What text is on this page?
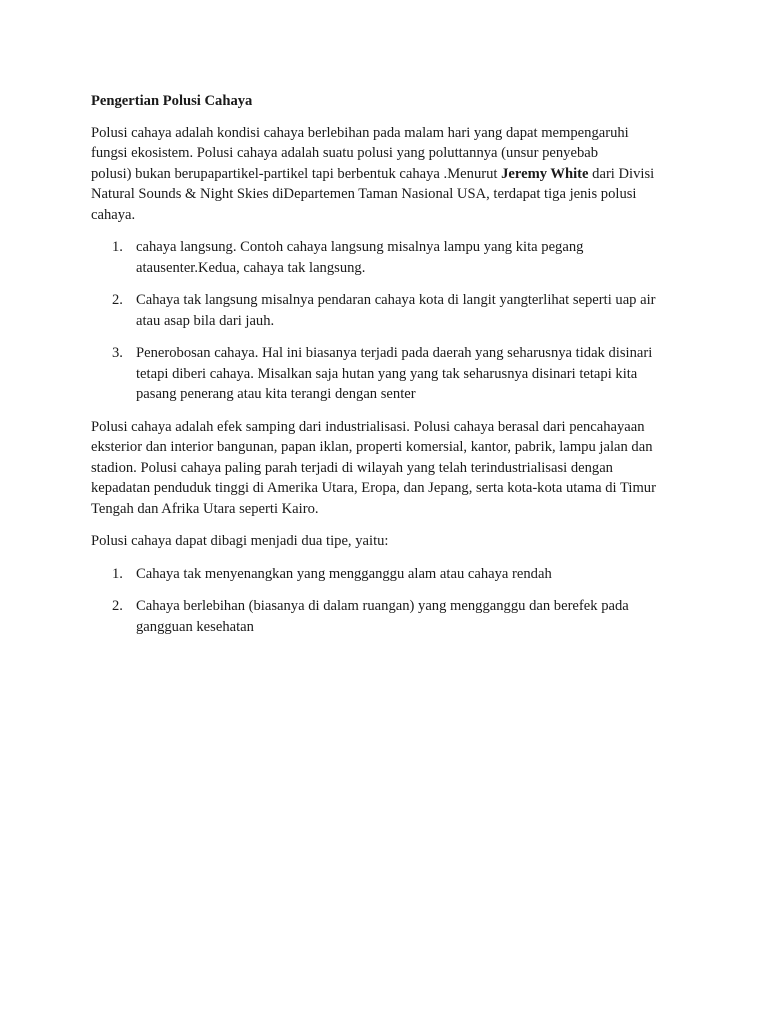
Pengertian Polusi Cahaya

Polusi cahaya adalah kondisi cahaya berlebihan pada malam hari yang dapat mempengaruhi
fungsi ekosistem. Polusi cahaya adalah suatu polusi yang poluttannya (unsur penyebab
polusi) bukan berupapartikel-partikel tapi berbentuk cahaya .Menurut Jeremy White dari Divisi
Natural Sounds & Night Skies diDepartemen Taman Nasional USA, terdapat tiga jenis polusi
cahaya.

1. cahaya langsung. Contoh cahaya langsung misalnya lampu yang kita pegang
atausenter.Kedua, cahaya tak langsung.
2. Cahaya tak langsung misalnya pendaran cahaya kota di langit yangterlihat seperti uap air
atau asap bila dari jauh.
3. Penerobosan cahaya. Hal ini biasanya terjadi pada daerah yang seharusnya tidak disinari
tetapi diberi cahaya. Misalkan saja hutan yang yang tak seharusnya disinari tetapi kita
pasang penerang atau kita terangi dengan senter

Polusi cahaya adalah efek samping dari industrialisasi. Polusi cahaya berasal dari pencahayaan
eksterior dan interior bangunan, papan iklan, properti komersial, kantor, pabrik, lampu jalan dan
stadion. Polusi cahaya paling parah terjadi di wilayah yang telah terindustrialisasi dengan
kepadatan penduduk tinggi di Amerika Utara, Eropa, dan Jepang, serta kota-kota utama di Timur
Tengah dan Afrika Utara seperti Kairo.

Polusi cahaya dapat dibagi menjadi dua tipe, yaitu:

1. Cahaya tak menyenangkan yang mengganggu alam atau cahaya rendah
2. Cahaya berlebihan (biasanya di dalam ruangan) yang mengganggu dan berefek pada
gangguan kesehatan
